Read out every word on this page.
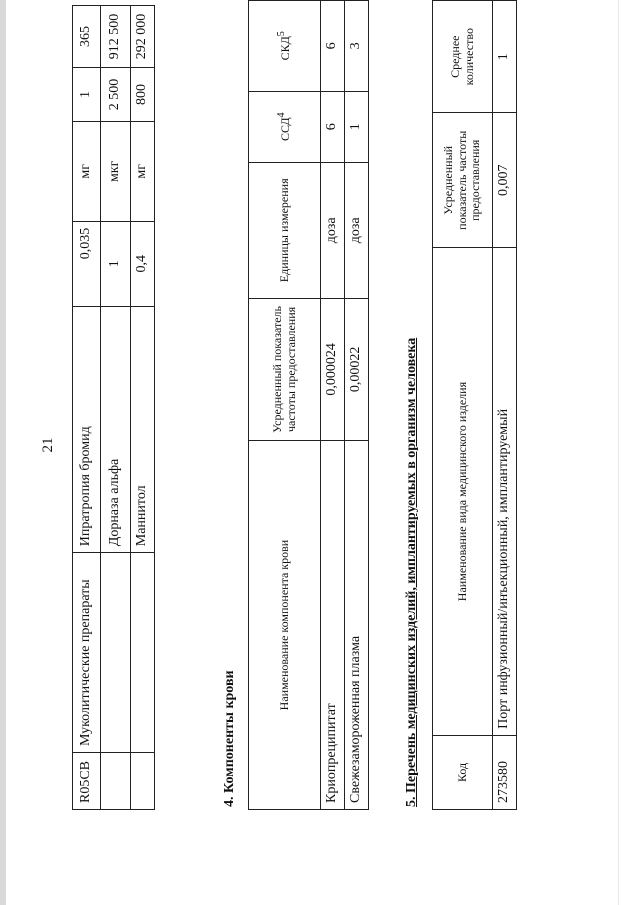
21
R05CB	Муколитические препараты	Ипратропия бромид	0,035	мг	1	365
		Дорназа альфа	1	мкг	2 500	912 500
		Маннитол	0,4	мг	800	292 000
4. Компоненты крови
Наименование компонента крови	Усредненный показатель частоты предоставления	Единицы измерения	ССД$^4$	СКД$^5$
Криопреципитат	0,000024	доза	6	6
Свежезамороженная плазма	0,00022	доза	1	3
5. Перечень медицинских изделий, имплантируемых в организм человека	Код	Наименование вида медицинского изделия	Усредненный показатель частоты предоставления	Среднее количество
273580	Порт инфузионный/инъекционный, имплантируемый	0,007	1
